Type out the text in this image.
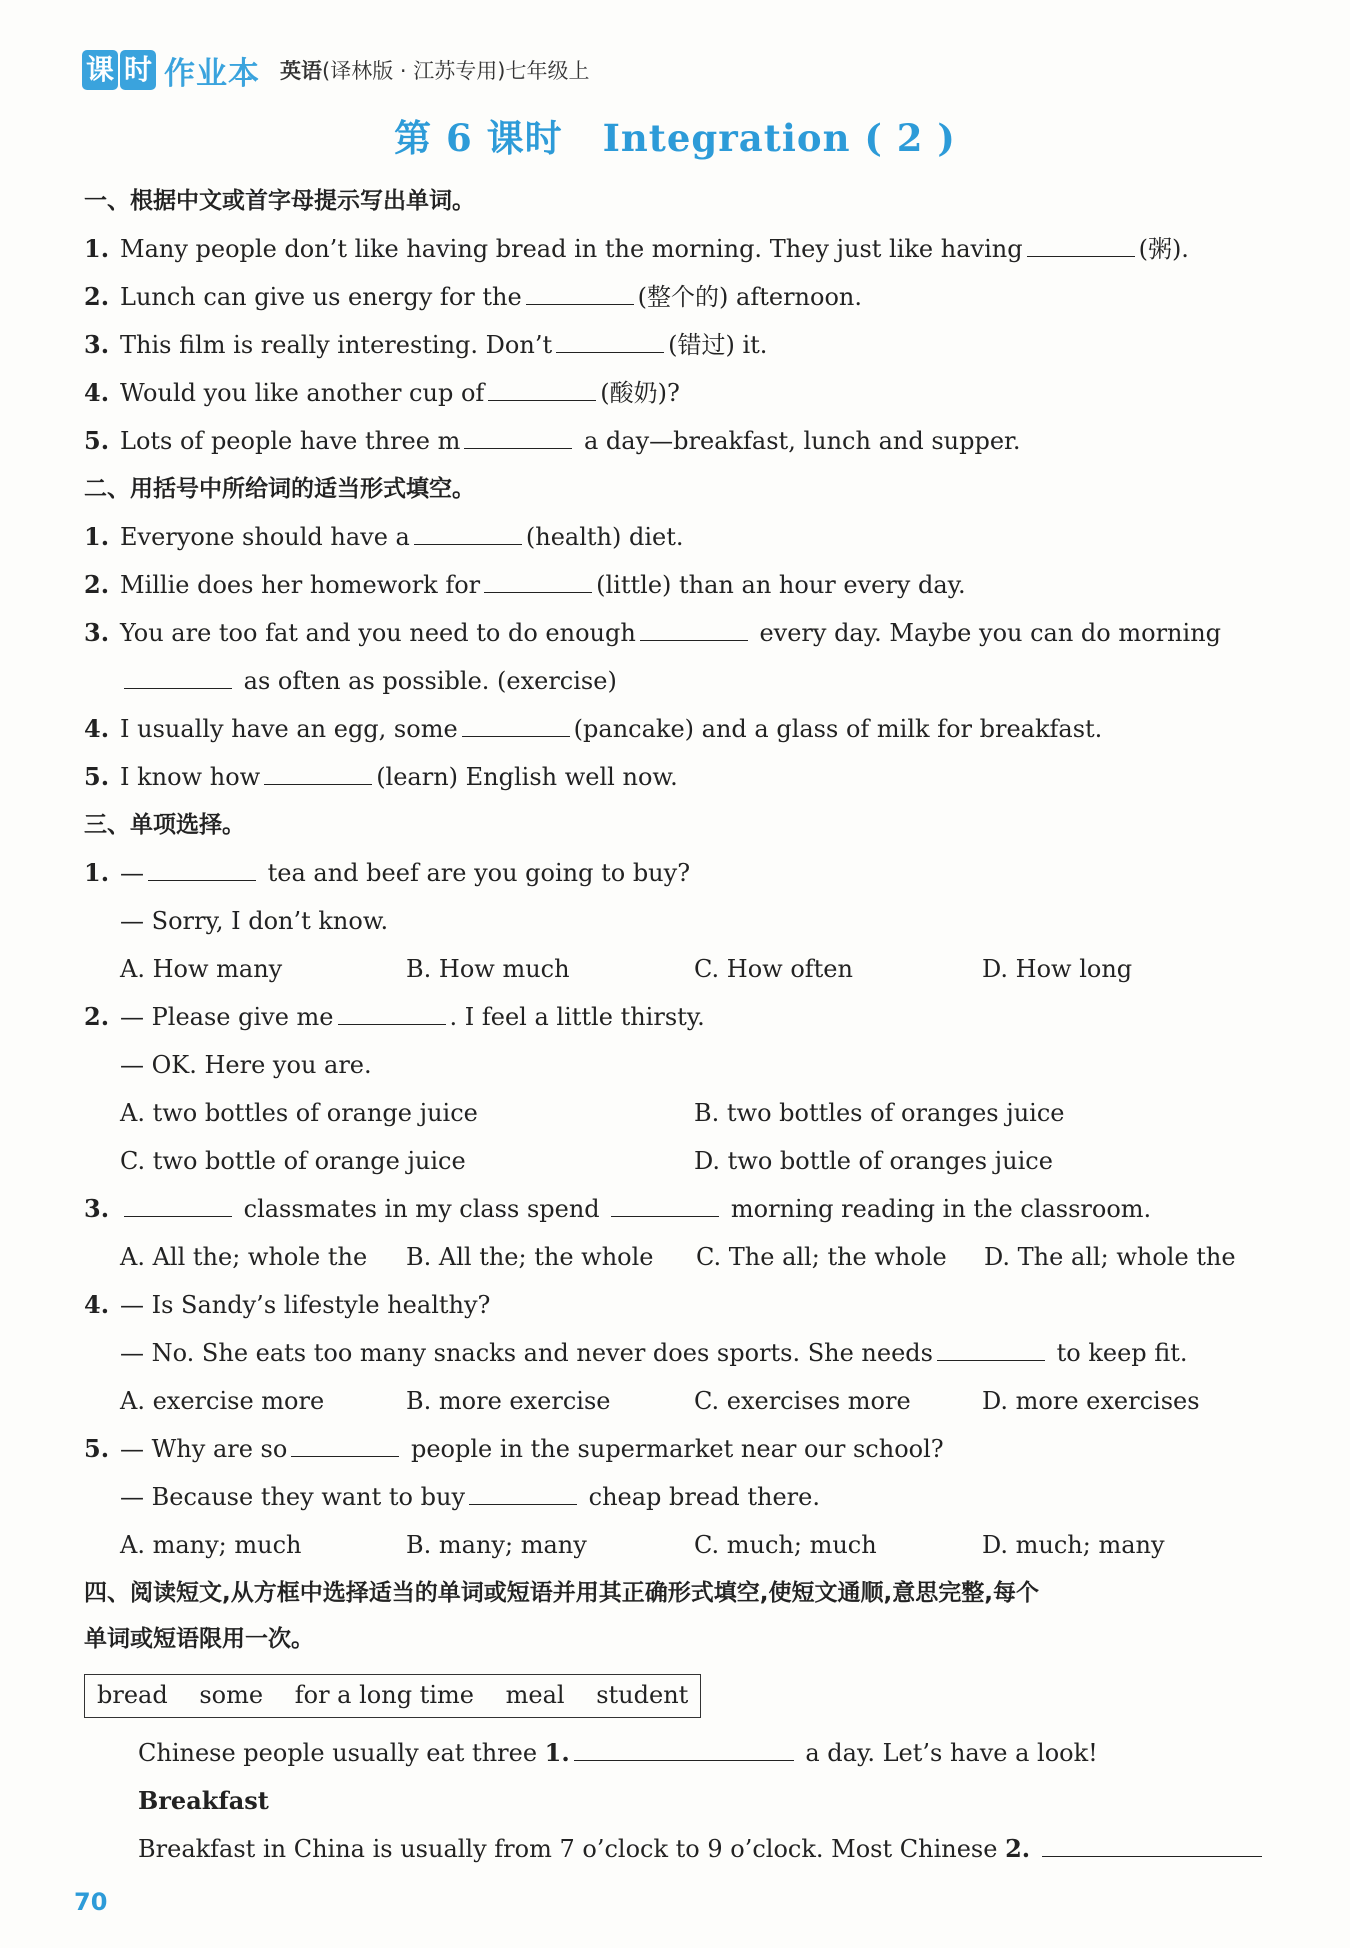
课 时 作业本 英语(译林版 · 江苏专用)七年级上
第 6 课时 Integration ( 2 )
一、根据中文或首字母提示写出单词。
1. Many people don’t like having bread in the morning. They just like having	(粥).
2. Lunch can give us energy for the	(整个的) afternoon.
3. This film is really interesting. Don’t	(错过) it.
4. Would you like another cup of	(酸奶)?
5. Lots of people have three m	a day—breakfast, lunch and supper.
二、用括号中所给词的适当形式填空。
1. Everyone should have a	(health) diet.
2. Millie does her homework for	(little) than an hour every day.
3. You are too fat and you need to do enough	every day. Maybe you can do morning
as often as possible. (exercise)
4. I usually have an egg, some	(pancake) and a glass of milk for breakfast.
5. I know how	(learn) English well now.
三、单项选择。
1. —	tea and beef are you going to buy?
— Sorry, I don’t know.
A. How many	B. How much	C. How often	D. How long
2. — Please give me	. I feel a little thirsty.
— OK. Here you are.
A. two bottles of orange juice	B. two bottles of oranges juice
C. two bottle of orange juice	D. two bottle of oranges juice
3.	classmates in my class spend	morning reading in the classroom.
A. All the; whole the B. All the; the whole C. The all; the whole D. The all; whole the
4. — Is Sandy’s lifestyle healthy?
— No. She eats too many snacks and never does sports. She needs	to keep fit.
A. exercise more	B. more exercise	C. exercises more	D. more exercises
5. — Why are so	people in the supermarket near our school?
— Because they want to buy	cheap bread there.
A. many; much	B. many; many	C. much; much	D. much; many
四、阅读短文,从方框中选择适当的单词或短语并用其正确形式填空,使短文通顺,意思完整,每个
单词或短语限用一次。
bread some for a long time meal student
Chinese people usually eat three 1.	a day. Let’s have a look!
Breakfast
Breakfast in China is usually from 7 o’clock to 9 o’clock. Most Chinese 2.
70
